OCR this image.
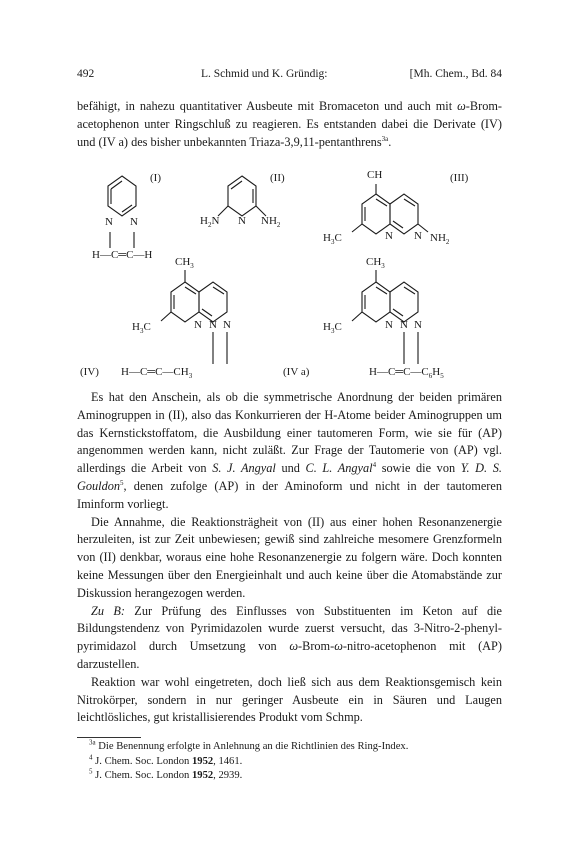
492	L. Schmid und K. Gründig:	[Mh. Chem., Bd. 84

befähigt, in nahezu quantitativer Ausbeute mit Bromaceton und auch mit ω-Brom-acetophenon unter Ringschluß zu reagieren. Es entstanden dabei die Derivate (IV) und (IV a) des bisher unbekannten Triaza-3,9,11-pentanthrens$^{3a}$.

(I)
N N
H—C═C—H
(II)
$H_2N$ N $NH_2$
CH	(III)
$H_3C$	N N $NH_2$
$CH_3$
$H_3C$	N N N
(IV) $H—C═C—CH_3$
$CH_3$
$H_3C$	N N N
(IV a)	$H—C═C—C_6H_5$

Es hat den Anschein, als ob die symmetrische Anordnung der beiden primären Aminogruppen in (II), also das Konkurrieren der H-Atome beider Aminogruppen um das Kernstickstoffatom, die Ausbildung einer tautomeren Form, wie sie für (AP) angenommen werden kann, nicht zuläßt. Zur Frage der Tautomerie von (AP) vgl. allerdings die Arbeit von S. J. Angyal und C. L. Angyal$^4$ sowie die von Y. D. S. Gouldon$^5$, denen zufolge (AP) in der Aminoform und nicht in der tautomeren Iminform vorliegt.

Die Annahme, die Reaktionsträgheit von (II) aus einer hohen Resonanzenergie herzuleiten, ist zur Zeit unbewiesen; gewiß sind zahlreiche mesomere Grenzformeln von (II) denkbar, woraus eine hohe Resonanzenergie zu folgern wäre. Doch konnten keine Messungen über den Energieinhalt und auch keine über die Atomabstände zur Diskussion herangezogen werden.

Zu B: Zur Prüfung des Einflusses von Substituenten im Keton auf die Bildungstendenz von Pyrimidazolen wurde zuerst versucht, das 3-Nitro-2-phenyl-pyrimidazol durch Umsetzung von ω-Brom-ω-nitro-acetophenon mit (AP) darzustellen.

Reaktion war wohl eingetreten, doch ließ sich aus dem Reaktionsgemisch kein Nitrokörper, sondern in nur geringer Ausbeute ein in Säuren und Laugen leichtlösliches, gut kristallisierendes Produkt vom Schmp.

$^{3a}$ Die Benennung erfolgte in Anlehnung an die Richtlinien des Ring-Index.

$^4$ J. Chem. Soc. London 1952, 1461.

$^5$ J. Chem. Soc. London 1952, 2939.
